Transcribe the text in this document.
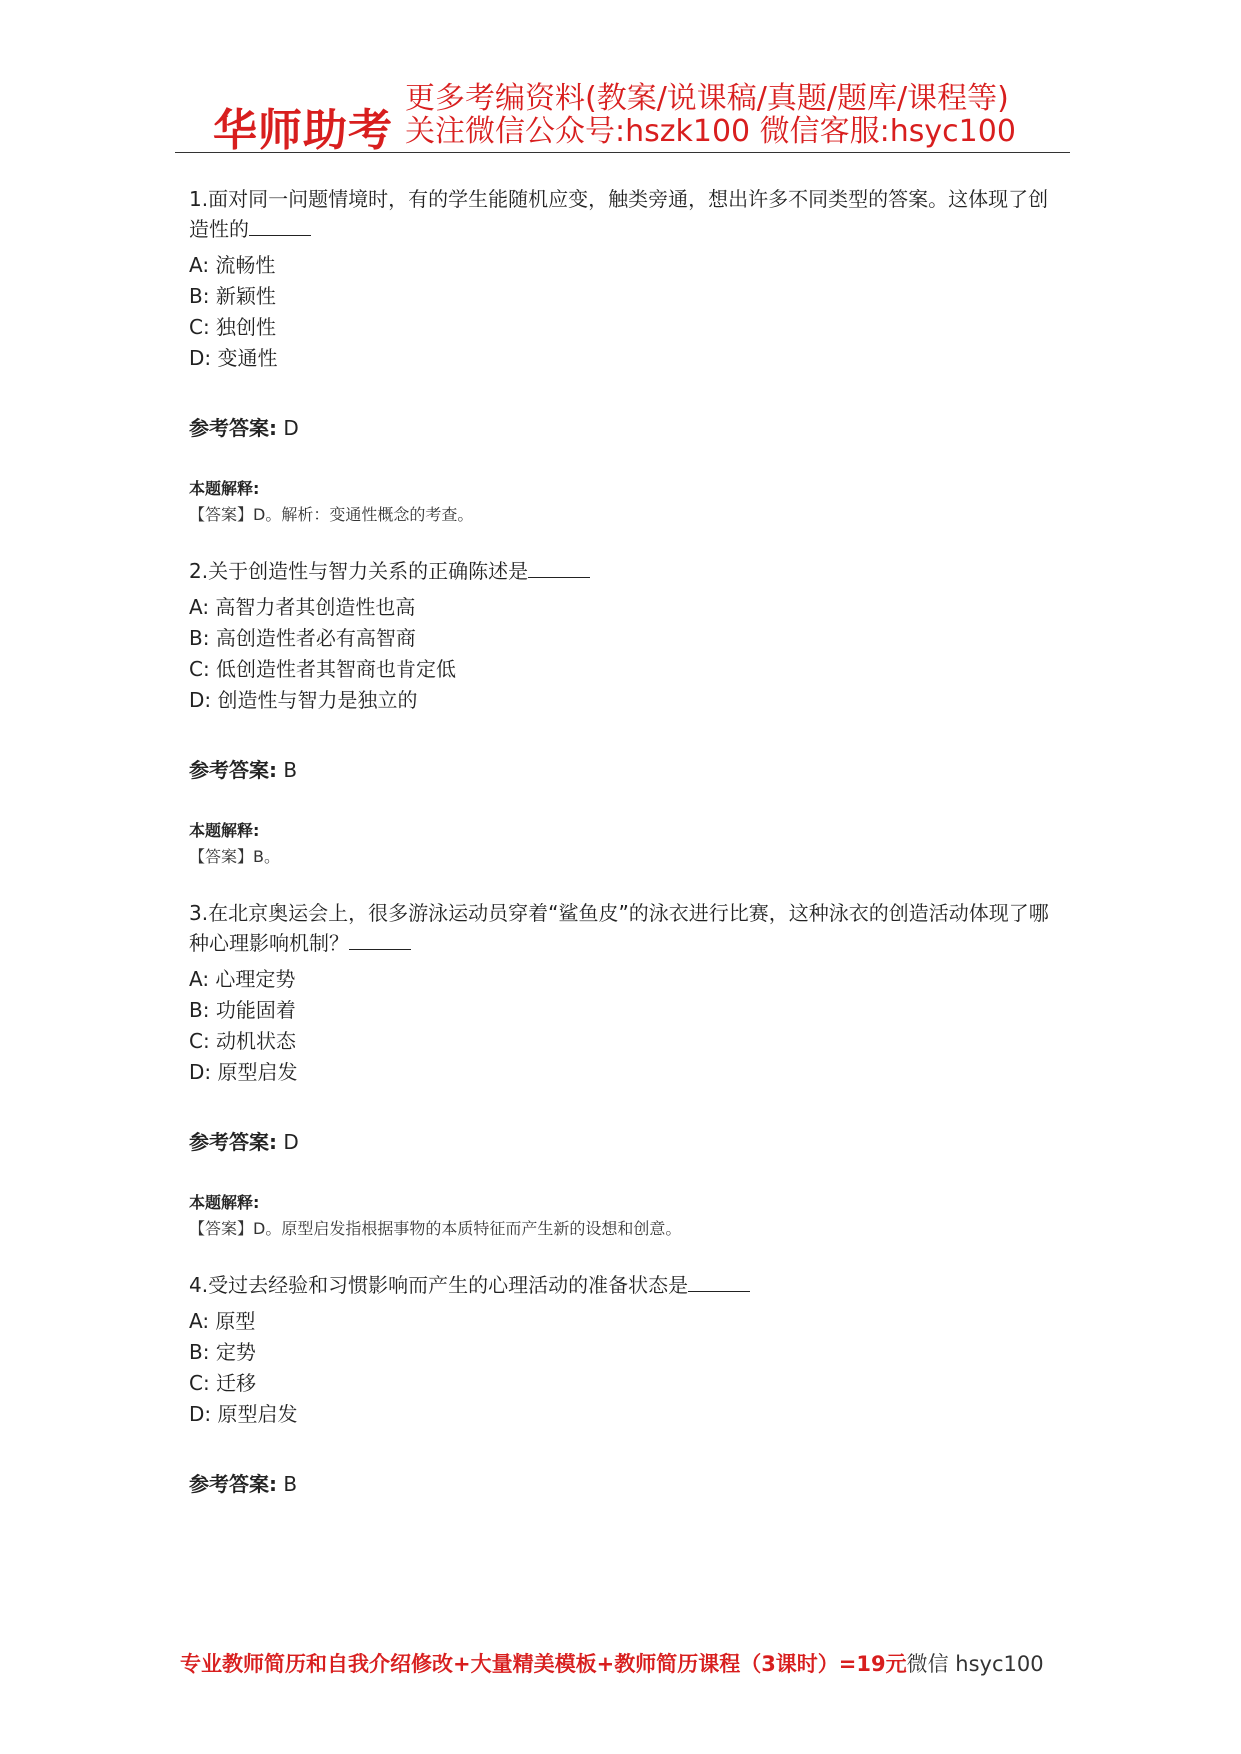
华师助考
更多考编资料(教案/说课稿/真题/题库/课程等)
关注微信公众号:hszk100 微信客服:hsyc100
1.面对同一问题情境时，有的学生能随机应变，触类旁通，想出许多不同类型的答案。这体现了创造性的
A: 流畅性
B: 新颖性
C: 独创性
D: 变通性
参考答案: D
本题解释:
【答案】D。解析：变通性概念的考查。
2.关于创造性与智力关系的正确陈述是
A: 高智力者其创造性也高
B: 高创造性者必有高智商
C: 低创造性者其智商也肯定低
D: 创造性与智力是独立的
参考答案: B
本题解释:
【答案】B。
3.在北京奥运会上，很多游泳运动员穿着“鲨鱼皮”的泳衣进行比赛，这种泳衣的创造活动体现了哪种心理影响机制？
A: 心理定势
B: 功能固着
C: 动机状态
D: 原型启发
参考答案: D
本题解释:
【答案】D。原型启发指根据事物的本质特征而产生新的设想和创意。
4.受过去经验和习惯影响而产生的心理活动的准备状态是
A: 原型
B: 定势
C: 迁移
D: 原型启发
参考答案: B
专业教师简历和自我介绍修改+大量精美模板+教师简历课程（3课时）=19元微信 hsyc100
